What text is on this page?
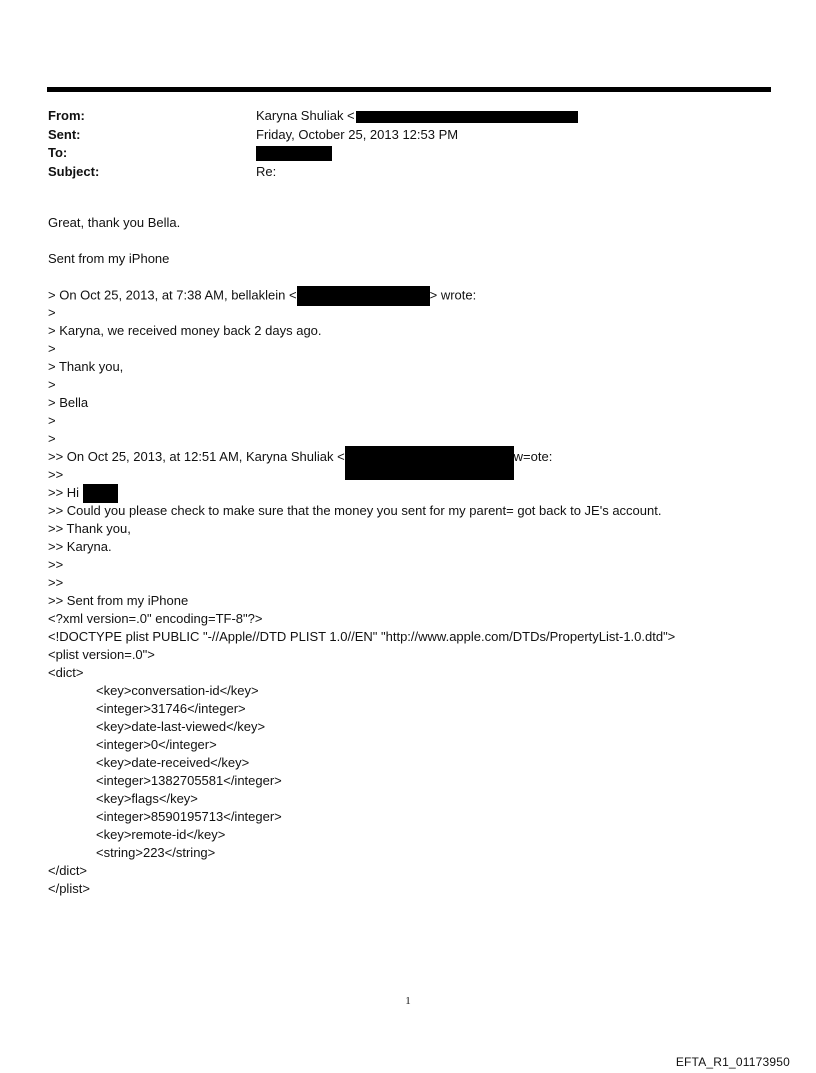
From:	Karyna Shuliak <
Sent:	Friday, October 25, 2013 12:53 PM
To:
Subject:	Re:
Great, thank you Bella.
Sent from my iPhone
> On Oct 25, 2013, at 7:38 AM, bellaklein <	> wrote:
>
> Karyna, we received money back 2 days ago.
>
> Thank you,
>
> Bella
>
>
>> On Oct 25, 2013, at 12:51 AM, Karyna Shuliak <	w=ote:
>>
>> Hi
>> Could you please check to make sure that the money you sent for my parent= got back to JE's account.
>> Thank you,
>> Karyna.
>>
>>
>> Sent from my iPhone
<?xml version=.0" encoding=TF-8"?>
<!DOCTYPE plist PUBLIC "-//Apple//DTD PLIST 1.0//EN" "http://www.apple.com/DTDs/PropertyList-1.0.dtd">
<plist version=.0">
<dict>
<key>conversation-id</key>
<integer>31746</integer>
<key>date-last-viewed</key>
<integer>0</integer>
<key>date-received</key>
<integer>1382705581</integer>
<key>flags</key>
<integer>8590195713</integer>
<key>remote-id</key>
<string>223</string>
</dict>
</plist>
1
EFTA_R1_01173950
